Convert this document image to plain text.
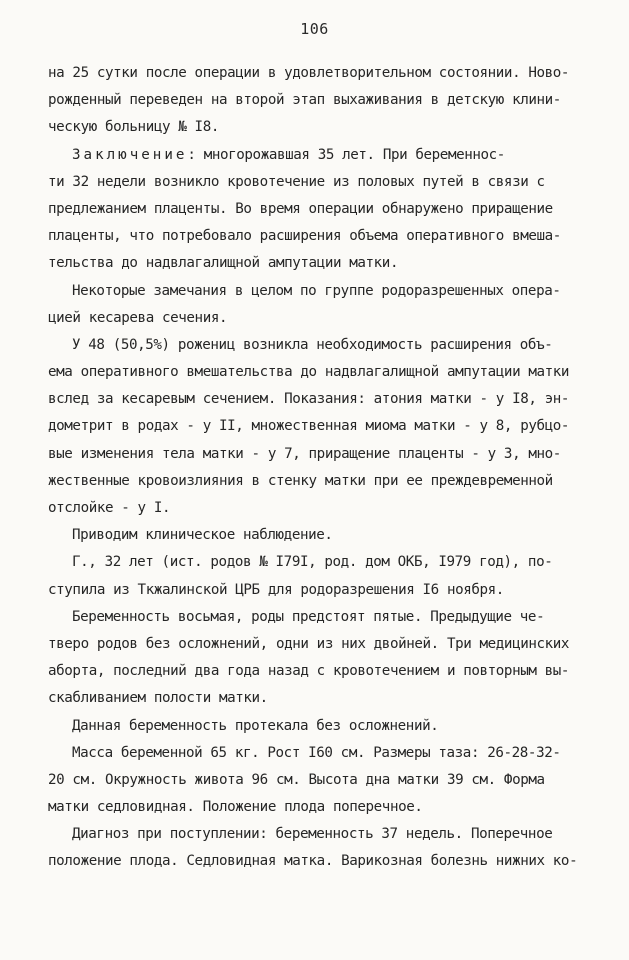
106
на 25 сутки после операции в удовлетворительном состоянии. Ново-
рожденный переведен на второй этап выхаживания в детскую клини-
ческую больницу № I8.
Заключение: многорожавшая 35 лет. При беременнос-
ти 32 недели возникло кровотечение из половых путей в связи с
предлежанием плаценты. Во время операции обнаружено приращение
плаценты, что потребовало расширения объема оперативного вмеша-
тельства до надвлагалищной ампутации матки.
Некоторые замечания в целом по группе родоразрешенных опера-
цией кесарева сечения.
У 48 (50,5%) рожениц возникла необходимость расширения объ-
ема оперативного вмешательства до надвлагалищной ампутации матки
вслед за кесаревым сечением. Показания: атония матки - у I8, эн-
дометрит в родах - у II, множественная миома матки - у 8, рубцо-
вые изменения тела матки - у 7, приращение плаценты - у 3, мно-
жественные кровоизлияния в стенку матки при ее преждевременной
отслойке - у I.
Приводим клиническое наблюдение.
Г., 32 лет (ист. родов № I79I, род. дом ОКБ, I979 год), по-
ступила из Ткжалинской ЦРБ для родоразрешения I6 ноября.
Беременность восьмая, роды предстоят пятые. Предыдущие че-
тверо родов без осложнений, одни из них двойней. Три медицинских
аборта, последний два года назад с кровотечением и повторным вы-
скабливанием полости матки.
Данная беременность протекала без осложнений.
Масса беременной 65 кг. Рост I60 см. Размеры таза: 26-28-32-
20 см. Окружность живота 96 см. Высота дна матки 39 см. Форма
матки седловидная. Положение плода поперечное.
Диагноз при поступлении: беременность 37 недель. Поперечное
положение плода. Седловидная матка. Варикозная болезнь нижних ко-
